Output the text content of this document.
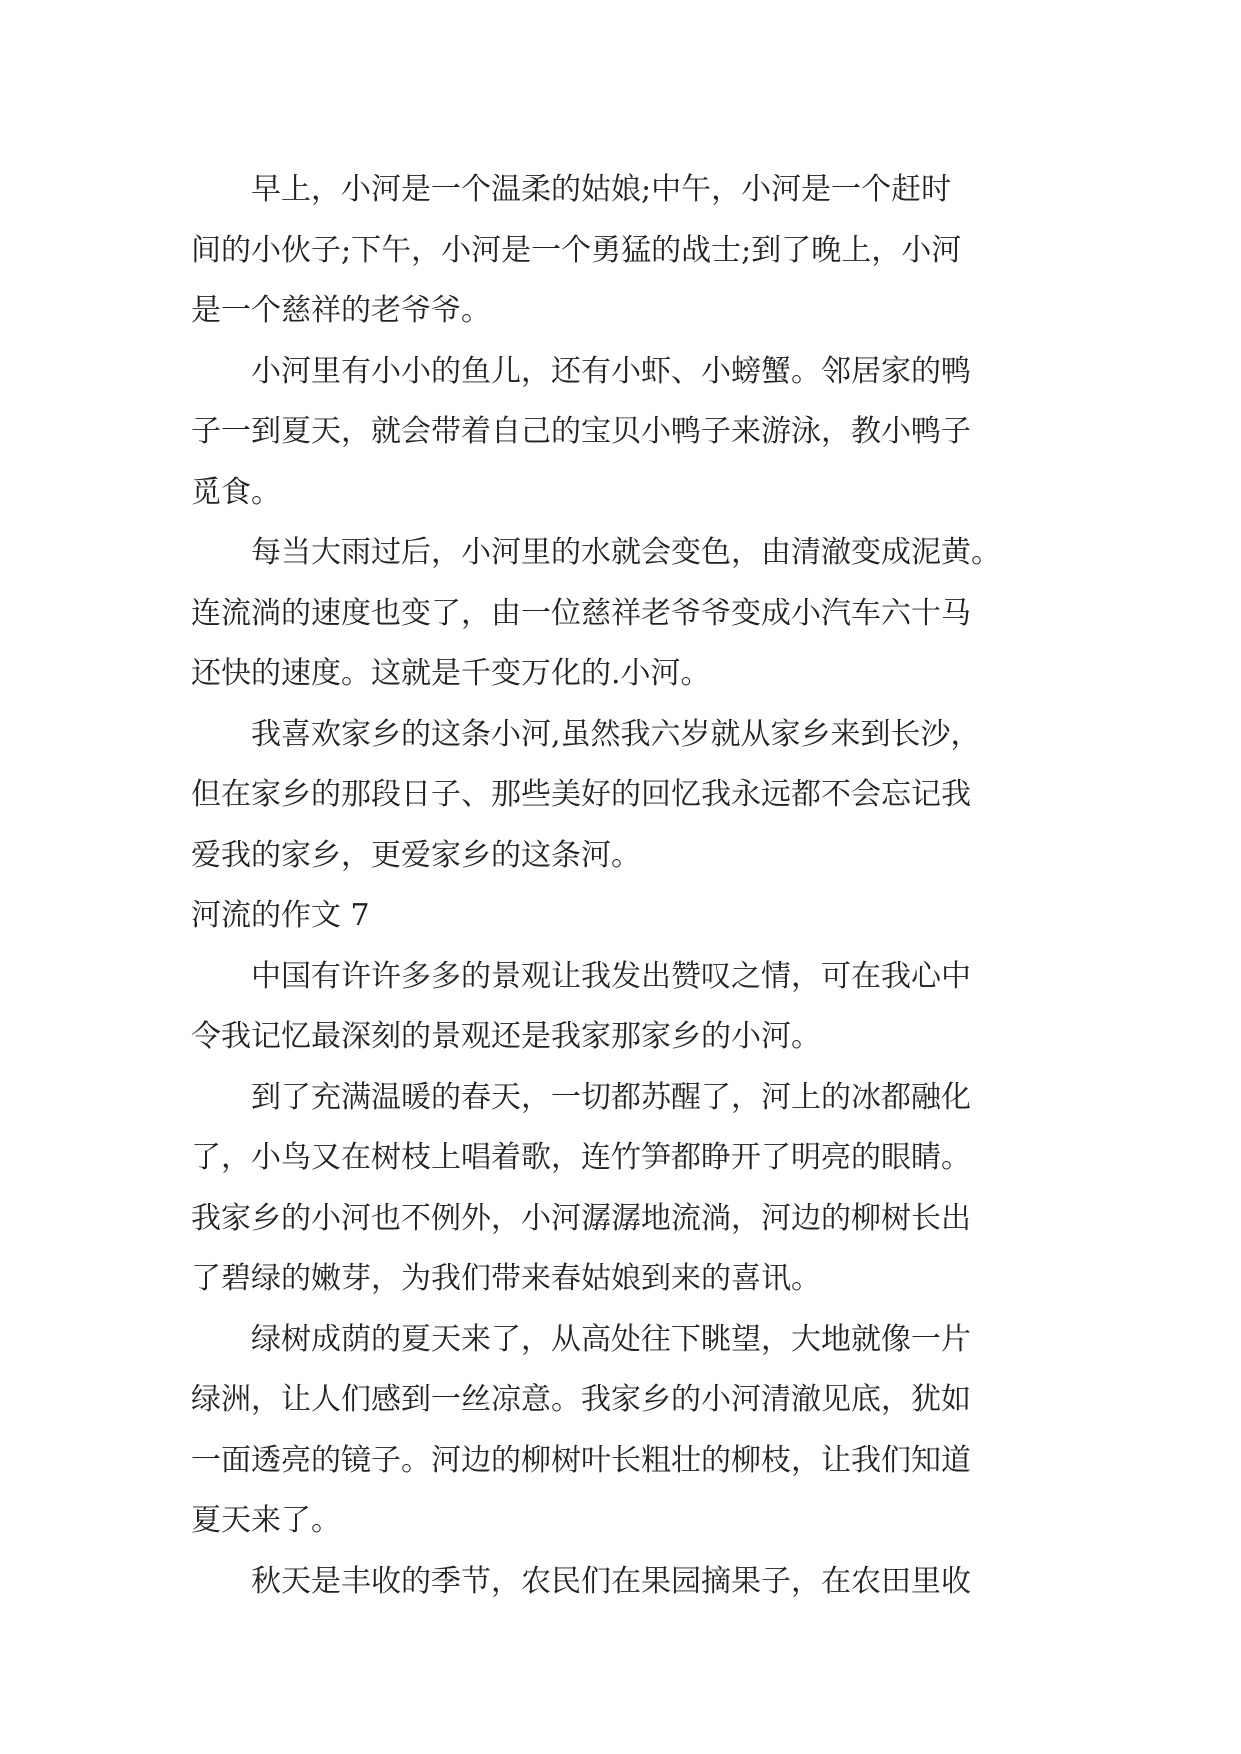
早上，小河是一个温柔的姑娘;中午，小河是一个赶时
间的小伙子;下午，小河是一个勇猛的战士;到了晚上，小河
是一个慈祥的老爷爷。

小河里有小小的鱼儿，还有小虾、小螃蟹。邻居家的鸭
子一到夏天，就会带着自己的宝贝小鸭子来游泳，教小鸭子
觅食。

每当大雨过后，小河里的水就会变色，由清澈变成泥黄。
连流淌的速度也变了，由一位慈祥老爷爷变成小汽车六十马
还快的速度。这就是千变万化的.小河。

我喜欢家乡的这条小河,虽然我六岁就从家乡来到长沙，
但在家乡的那段日子、那些美好的回忆我永远都不会忘记我
爱我的家乡，更爱家乡的这条河。

河流的作文 7

中国有许许多多的景观让我发出赞叹之情，可在我心中
令我记忆最深刻的景观还是我家那家乡的小河。

到了充满温暖的春天，一切都苏醒了，河上的冰都融化
了，小鸟又在树枝上唱着歌，连竹笋都睁开了明亮的眼睛。
我家乡的小河也不例外，小河潺潺地流淌，河边的柳树长出
了碧绿的嫩芽，为我们带来春姑娘到来的喜讯。

绿树成荫的夏天来了，从高处往下眺望，大地就像一片
绿洲，让人们感到一丝凉意。我家乡的小河清澈见底，犹如
一面透亮的镜子。河边的柳树叶长粗壮的柳枝，让我们知道
夏天来了。

秋天是丰收的季节，农民们在果园摘果子，在农田里收
